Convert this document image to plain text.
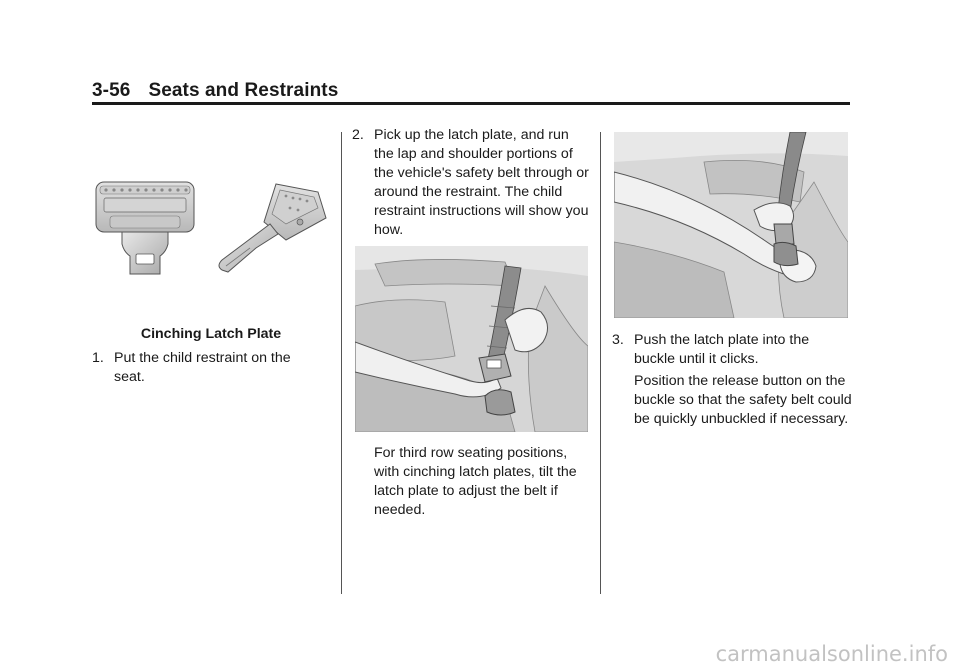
3-56 Seats and Restraints
Cinching Latch Plate
1. Put the child restraint on the seat.
2. Pick up the latch plate, and run the lap and shoulder portions of the vehicle's safety belt through or around the restraint. The child restraint instructions will show you how.
For third row seating positions, with cinching latch plates, tilt the latch plate to adjust the belt if needed.
3. Push the latch plate into the buckle until it clicks.
Position the release button on the buckle so that the safety belt could be quickly unbuckled if necessary.
carmanualsonline.info
